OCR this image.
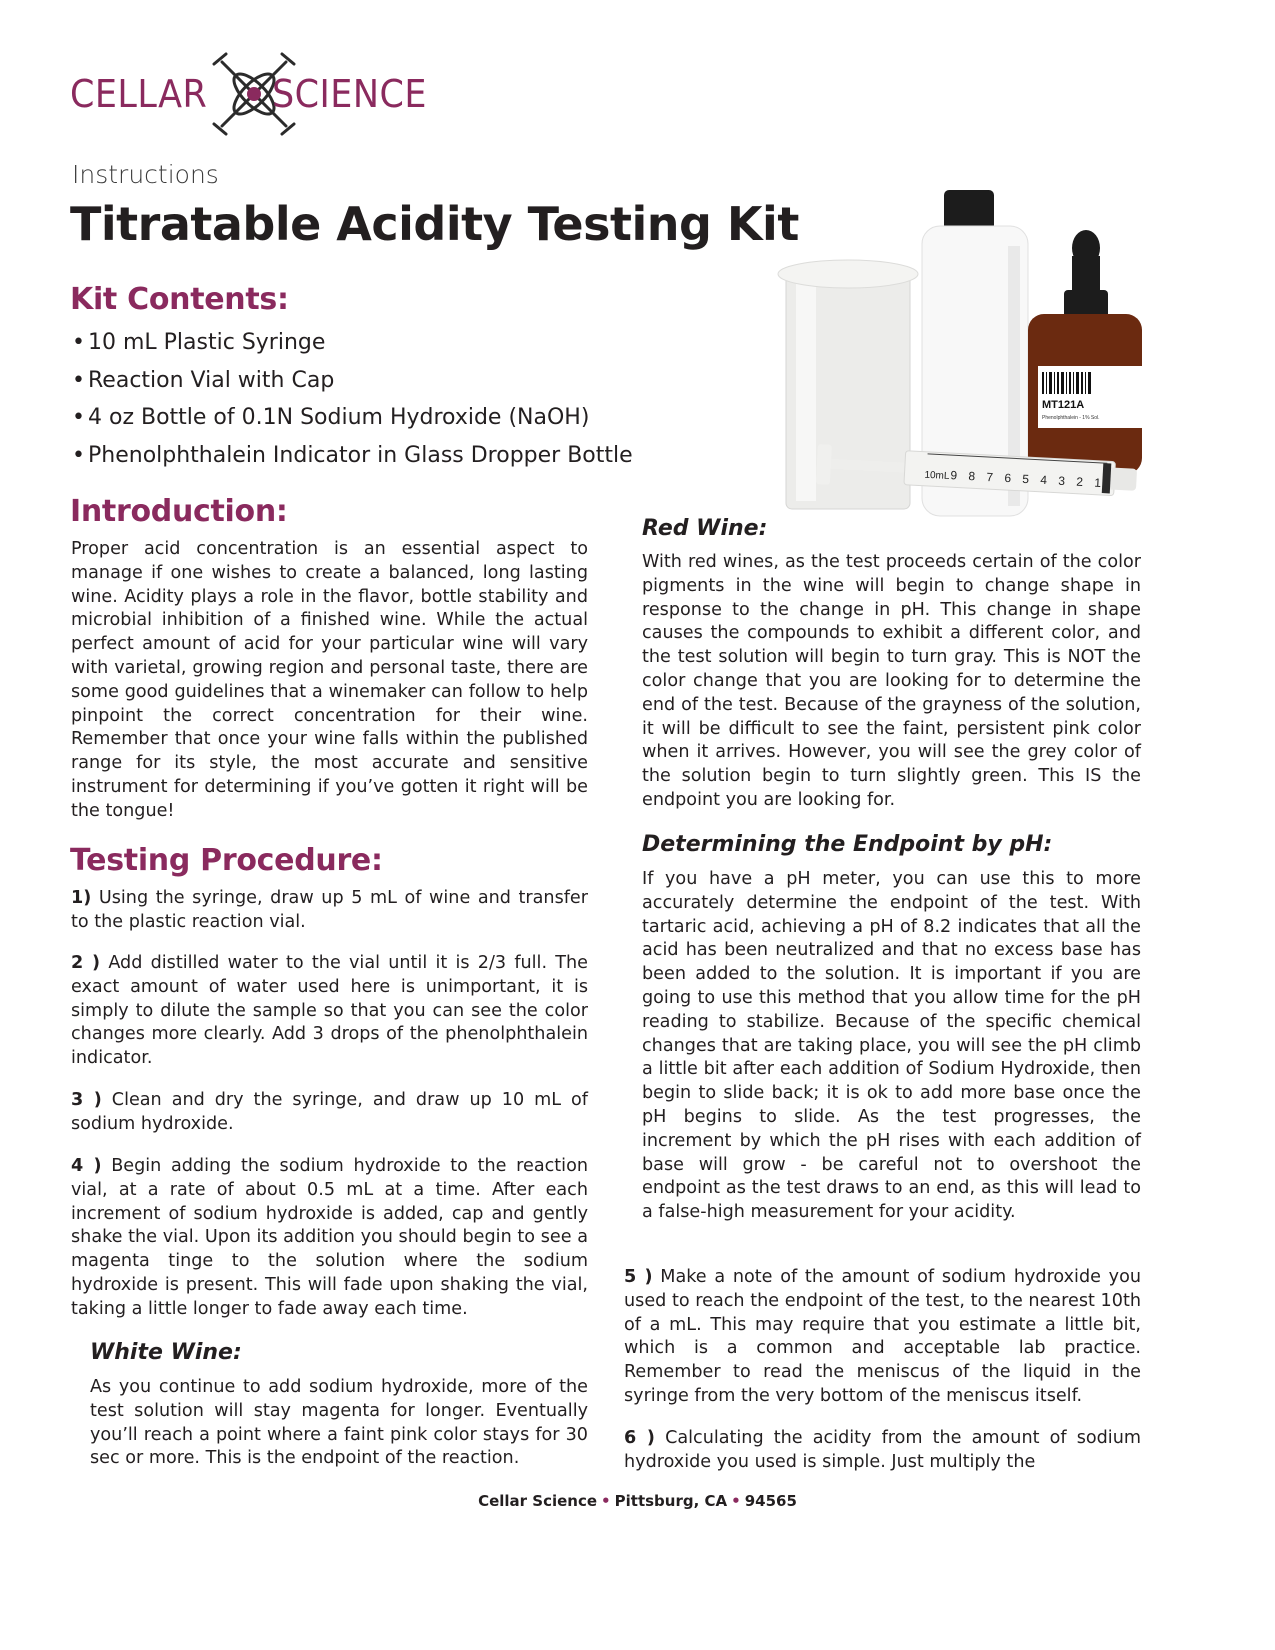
CELLAR SCIENCE
Instructions
Titratable Acidity Testing Kit
Kit Contents:
• 10 mL Plastic Syringe
• Reaction Vial with Cap
• 4 oz Bottle of 0.1N Sodium Hydroxide (NaOH)
• Phenolphthalein Indicator in Glass Dropper Bottle
MT121A
Phenolphthalein - 1% Sol.
1
2
3
4
5
6
7
8
9
10mL
Introduction:
Proper acid concentration is an essential aspect to manage if one wishes to create a balanced, long lasting wine. Acidity plays a role in the flavor, bottle stability and microbial inhibition of a finished wine. While the actual perfect amount of acid for your particular wine will vary with varietal, growing region and personal taste, there are some good guidelines that a winemaker can follow to help pinpoint the correct concentration for their wine. Remember that once your wine falls within the published range for its style, the most accurate and sensitive instrument for determining if you’ve gotten it right will be the tongue!
Testing Procedure:
1) Using the syringe, draw up 5 mL of wine and transfer to the plastic reaction vial.
2 ) Add distilled water to the vial until it is 2/3 full. The exact amount of water used here is unimportant, it is simply to dilute the sample so that you can see the color changes more clearly. Add 3 drops of the phenolphthalein indicator.
3 ) Clean and dry the syringe, and draw up 10 mL of sodium hydroxide.
4 ) Begin adding the sodium hydroxide to the reaction vial, at a rate of about 0.5 mL at a time. After each increment of sodium hydroxide is added, cap and gently shake the vial. Upon its addition you should begin to see a magenta tinge to the solution where the sodium hydroxide is present. This will fade upon shaking the vial, taking a little longer to fade away each time.
White Wine:
As you continue to add sodium hydroxide, more of the test solution will stay magenta for longer. Eventually you’ll reach a point where a faint pink color stays for 30 sec or more. This is the endpoint of the reaction.
Red Wine:
With red wines, as the test proceeds certain of the color pigments in the wine will begin to change shape in response to the change in pH. This change in shape causes the compounds to exhibit a different color, and the test solution will begin to turn gray. This is NOT the color change that you are looking for to determine the end of the test. Because of the grayness of the solution, it will be difficult to see the faint, persistent pink color when it arrives. However, you will see the grey color of the solution begin to turn slightly green. This IS the endpoint you are looking for.
Determining the Endpoint by pH:
If you have a pH meter, you can use this to more accurately determine the endpoint of the test. With tartaric acid, achieving a pH of 8.2 indicates that all the acid has been neutralized and that no excess base has been added to the solution. It is important if you are going to use this method that you allow time for the pH reading to stabilize. Because of the specific chemical changes that are taking place, you will see the pH climb a little bit after each addition of Sodium Hydroxide, then begin to slide back; it is ok to add more base once the pH begins to slide. As the test progresses, the increment by which the pH rises with each addition of base will grow - be careful not to overshoot the endpoint as the test draws to an end, as this will lead to a false-high measurement for your acidity.
5 ) Make a note of the amount of sodium hydroxide you used to reach the endpoint of the test, to the nearest 10th of a mL. This may require that you estimate a little bit, which is a common and acceptable lab practice. Remember to read the meniscus of the liquid in the syringe from the very bottom of the meniscus itself.
6 ) Calculating the acidity from the amount of sodium hydroxide you used is simple. Just multiply the
Cellar Science • Pittsburg, CA • 94565
